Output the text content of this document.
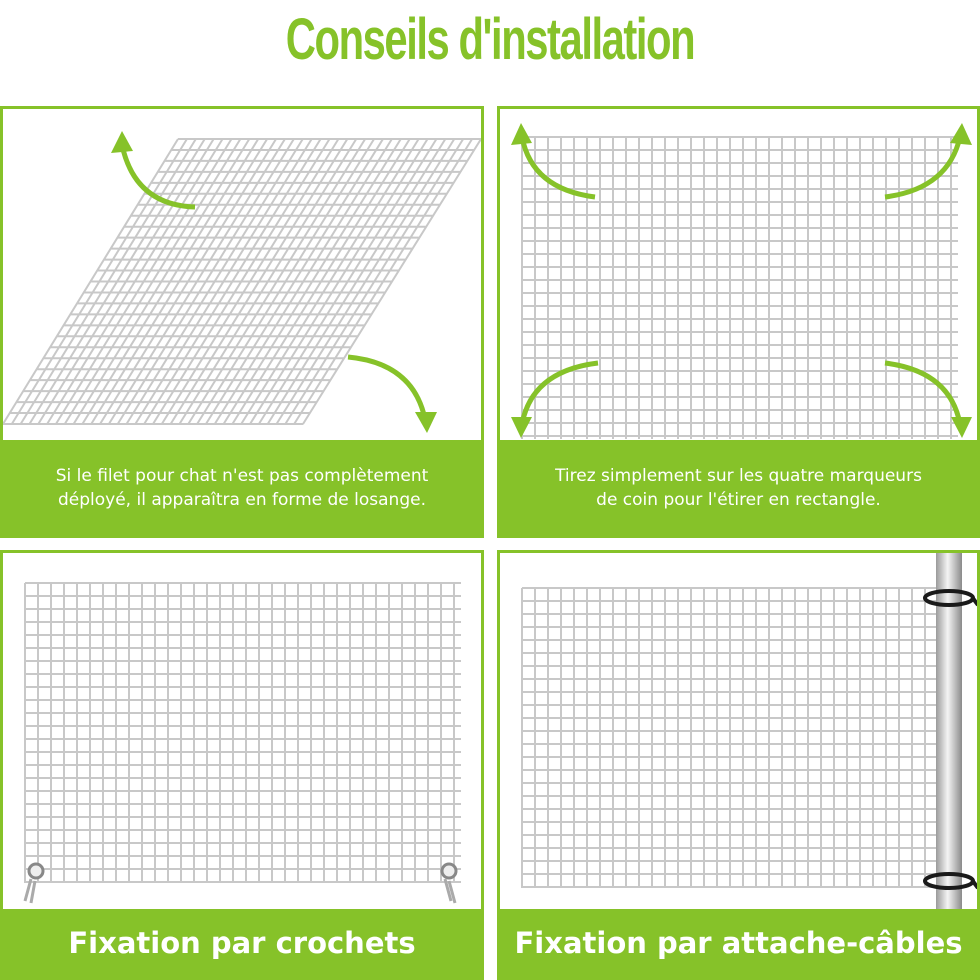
Conseils d'installation
Si le filet pour chat n'est pas complètement
déployé, il apparaîtra en forme de losange.
Tirez simplement sur les quatre marqueurs
de coin pour l'étirer en rectangle.
Fixation par crochets	Fixation par attache-câbles
